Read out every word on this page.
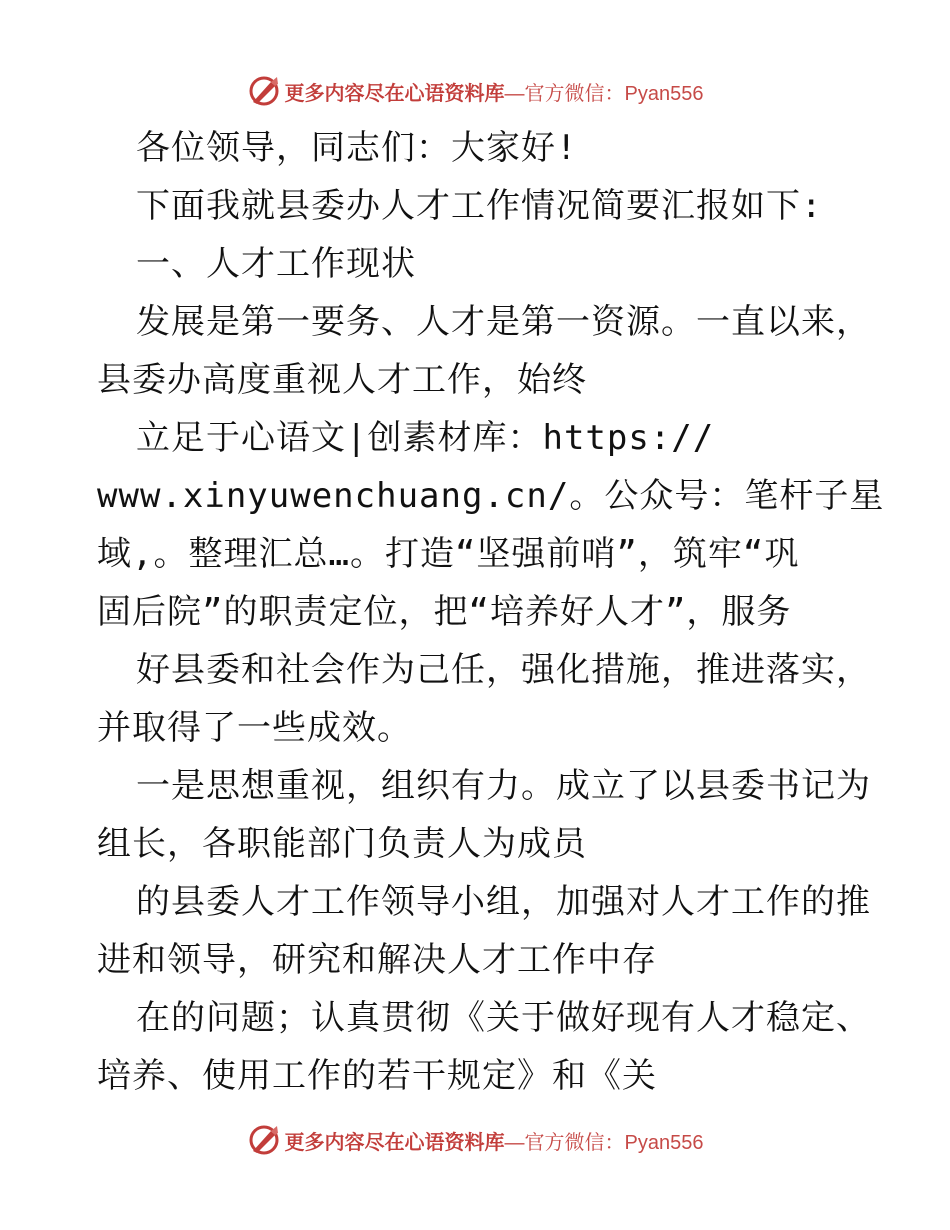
更多内容尽在心语资料库—官方微信：Pyan556
各位领导，同志们：大家好!
下面我就县委办人才工作情况简要汇报如下:
一、人才工作现状
发展是第一要务、人才是第一资源。一直以来，
县委办高度重视人才工作，始终
立足于心语文|创素材库：https://
www.xinyuwenchuang.cn/。公众号：笔杆子星
域,。整理汇总…。打造“坚强前哨”，筑牢“巩
固后院”的职责定位，把“培养好人才”，服务
好县委和社会作为己任，强化措施，推进落实，
并取得了一些成效。
一是思想重视，组织有力。成立了以县委书记为
组长，各职能部门负责人为成员
的县委人才工作领导小组，加强对人才工作的推
进和领导，研究和解决人才工作中存
在的问题；认真贯彻《关于做好现有人才稳定、
培养、使用工作的若干规定》和《关
更多内容尽在心语资料库—官方微信：Pyan556
